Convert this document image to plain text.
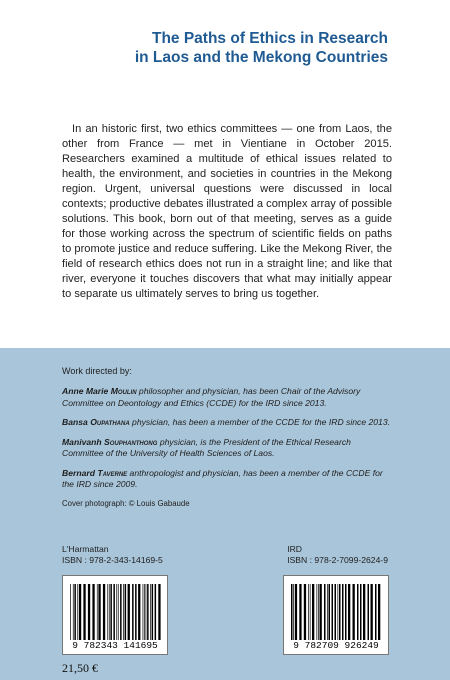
The Paths of Ethics in Research
in Laos and the Mekong Countries

In an historic first, two ethics committees — one from Laos, the other from France — met in Vientiane in October 2015. Researchers examined a multitude of ethical issues related to health, the environment, and societies in countries in the Mekong region. Urgent, universal questions were discussed in local contexts; productive debates illustrated a complex array of possible solutions. This book, born out of that meeting, serves as a guide for those working across the spectrum of scientific fields on paths to promote justice and reduce suffering. Like the Mekong River, the field of research ethics does not run in a straight line; and like that river, everyone it touches discovers that what may initially appear to separate us ultimately serves to bring us together.

Work directed by:

Anne Marie Moulin philosopher and physician, has been Chair of the Advisory Committee on Deontology and Ethics (CCDE) for the IRD since 2013.

Bansa Oupathana physician, has been a member of the CCDE for the IRD since 2013.

Manivanh Souphanthong physician, is the President of the Ethical Research Committee of the University of Health Sciences of Laos.

Bernard Taverne anthropologist and physician, has been a member of the CCDE for the IRD since 2009.

Cover photograph: © Louis Gabaude
L'Harmattan
ISBN : 978-2-343-14169-5
IRD
ISBN : 978-2-7099-2624-9
9 782343 141695	9 782709 926249
21,50 €
